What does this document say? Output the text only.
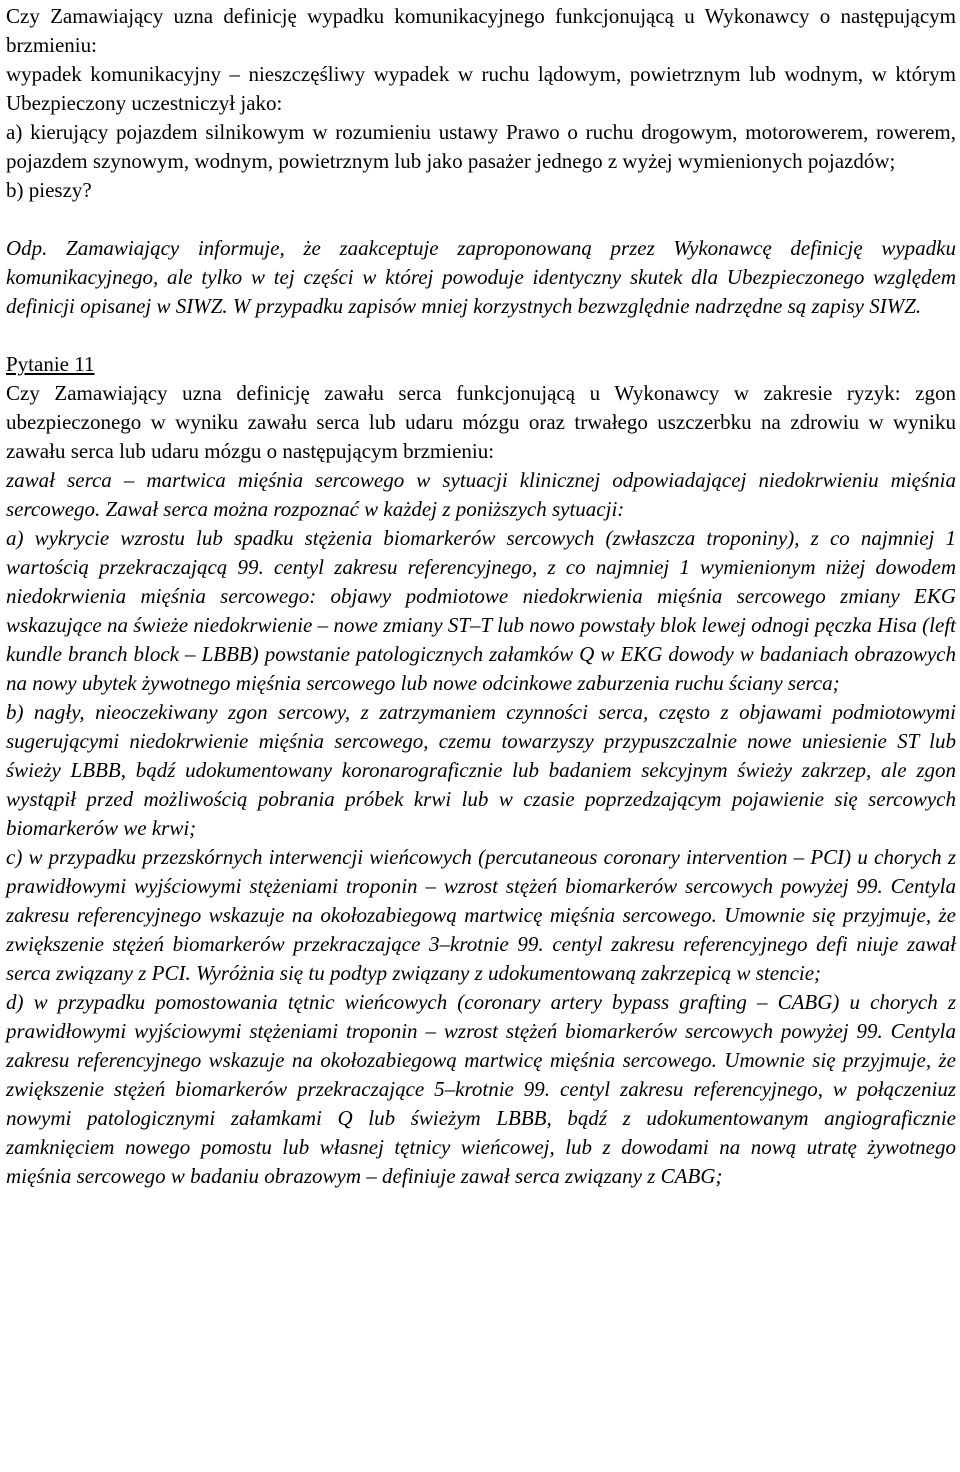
Czy Zamawiający uzna definicję wypadku komunikacyjnego funkcjonującą u Wykonawcy o następującym brzmieniu:

wypadek komunikacyjny – nieszczęśliwy wypadek w ruchu lądowym, powietrznym lub wodnym, w którym Ubezpieczony uczestniczył jako:

a) kierujący pojazdem silnikowym w rozumieniu ustawy Prawo o ruchu drogowym, motorowerem, rowerem, pojazdem szynowym, wodnym, powietrznym lub jako pasażer jednego z wyżej wymienionych pojazdów;

b) pieszy?

Odp. Zamawiający informuje, że zaakceptuje zaproponowaną przez Wykonawcę definicję wypadku komunikacyjnego, ale tylko w tej części w której powoduje identyczny skutek dla Ubezpieczonego względem definicji opisanej w SIWZ. W przypadku zapisów mniej korzystnych bezwzględnie nadrzędne są zapisy SIWZ.

Pytanie 11

Czy Zamawiający uzna definicję zawału serca funkcjonującą u Wykonawcy w zakresie ryzyk: zgon ubezpieczonego w wyniku zawału serca lub udaru mózgu oraz trwałego uszczerbku na zdrowiu w wyniku zawału serca lub udaru mózgu o następującym brzmieniu:

zawał serca – martwica mięśnia sercowego w sytuacji klinicznej odpowiadającej niedokrwieniu mięśnia sercowego. Zawał serca można rozpoznać w każdej z poniższych sytuacji:

a) wykrycie wzrostu lub spadku stężenia biomarkerów sercowych (zwłaszcza troponiny), z co najmniej 1 wartością przekraczającą 99. centyl zakresu referencyjnego, z co najmniej 1 wymienionym niżej dowodem niedokrwienia mięśnia sercowego: objawy podmiotowe niedokrwienia mięśnia sercowego zmiany EKG wskazujące na świeże niedokrwienie – nowe zmiany ST–T lub nowo powstały blok lewej odnogi pęczka Hisa (left kundle branch block – LBBB) powstanie patologicznych załamków Q w EKG dowody w badaniach obrazowych na nowy ubytek żywotnego mięśnia sercowego lub nowe odcinkowe zaburzenia ruchu ściany serca;

b) nagły, nieoczekiwany zgon sercowy, z zatrzymaniem czynności serca, często z objawami podmiotowymi sugerującymi niedokrwienie mięśnia sercowego, czemu towarzyszy przypuszczalnie nowe uniesienie ST lub świeży LBBB, bądź udokumentowany koronarograficznie lub badaniem sekcyjnym świeży zakrzep, ale zgon wystąpił przed możliwością pobrania próbek krwi lub w czasie poprzedzającym pojawienie się sercowych biomarkerów we krwi;

c) w przypadku przezskórnych interwencji wieńcowych (percutaneous coronary intervention – PCI) u chorych z prawidłowymi wyjściowymi stężeniami troponin – wzrost stężeń biomarkerów sercowych powyżej 99. Centyla zakresu referencyjnego wskazuje na okołozabiegową martwicę mięśnia sercowego. Umownie się przyjmuje, że zwiększenie stężeń biomarkerów przekraczające 3–krotnie 99. centyl zakresu referencyjnego defi niuje zawał serca związany z PCI. Wyróżnia się tu podtyp związany z udokumentowaną zakrzepicą w stencie;

d) w przypadku pomostowania tętnic wieńcowych (coronary artery bypass grafting – CABG) u chorych z prawidłowymi wyjściowymi stężeniami troponin – wzrost stężeń biomarkerów sercowych powyżej 99. Centyla zakresu referencyjnego wskazuje na okołozabiegową martwicę mięśnia sercowego. Umownie się przyjmuje, że zwiększenie stężeń biomarkerów przekraczające 5–krotnie 99. centyl zakresu referencyjnego, w połączeniuz nowymi patologicznymi załamkami Q lub świeżym LBBB, bądź z udokumentowanym angiograficznie zamknięciem nowego pomostu lub własnej tętnicy wieńcowej, lub z dowodami na nową utratę żywotnego mięśnia sercowego w badaniu obrazowym – definiuje zawał serca związany z CABG;
